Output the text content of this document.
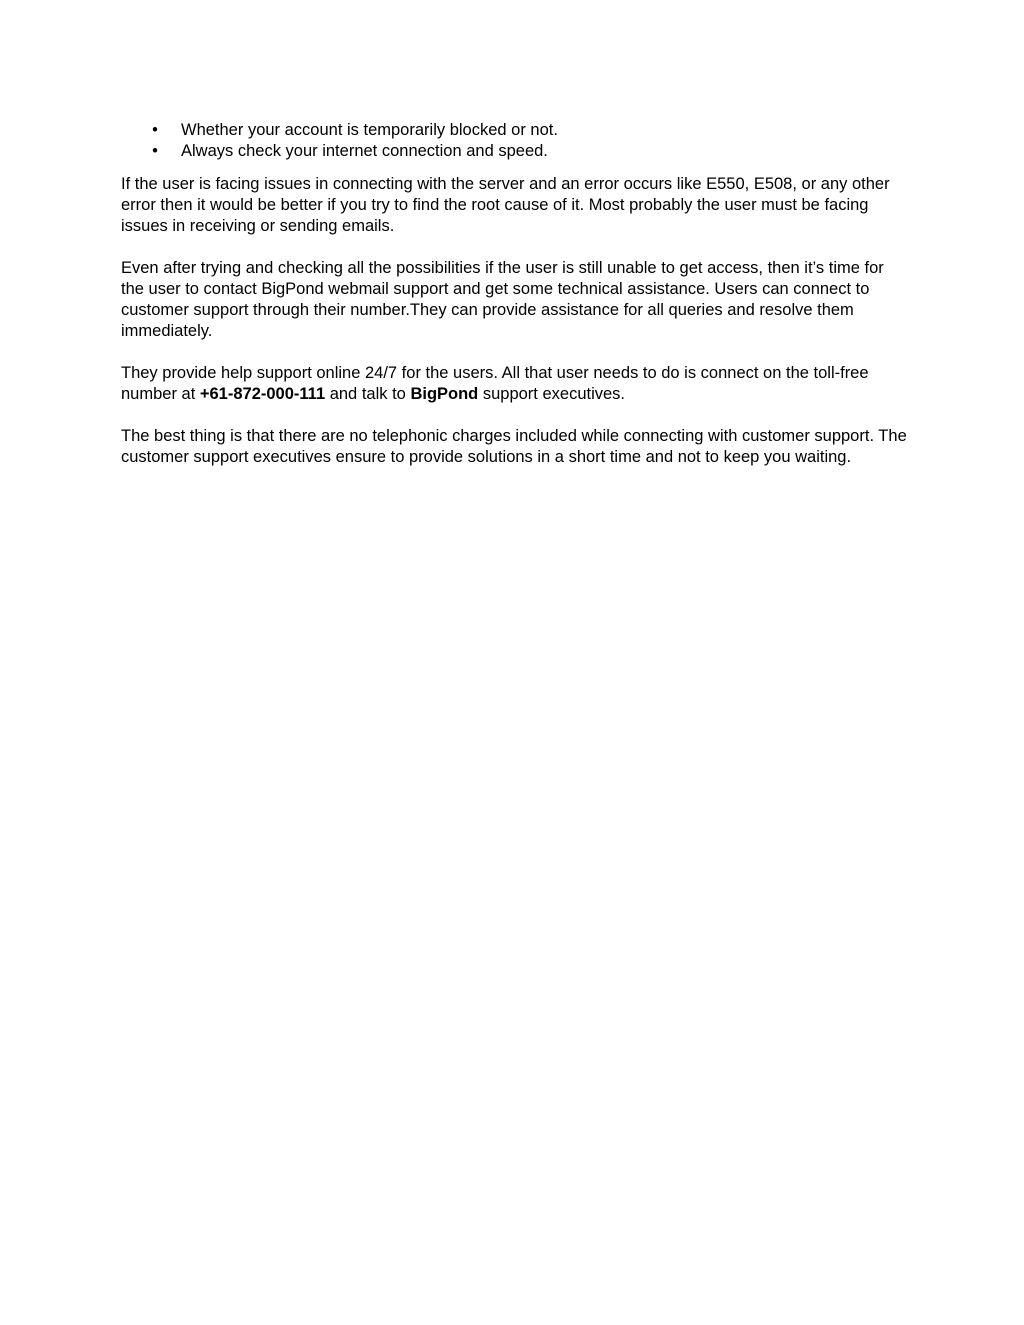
• Whether your account is temporarily blocked or not.
• Always check your internet connection and speed.

If the user is facing issues in connecting with the server and an error occurs like E550, E508, or any other error then it would be better if you try to find the root cause of it. Most probably the user must be facing issues in receiving or sending emails.

Even after trying and checking all the possibilities if the user is still unable to get access, then it’s time for the user to contact BigPond webmail support and get some technical assistance. Users can connect to customer support through their number.They can provide assistance for all queries and resolve them immediately.

They provide help support online 24/7 for the users. All that user needs to do is connect on the toll-free number at +61-872-000-111 and talk to BigPond support executives.

The best thing is that there are no telephonic charges included while connecting with customer support. The customer support executives ensure to provide solutions in a short time and not to keep you waiting.
